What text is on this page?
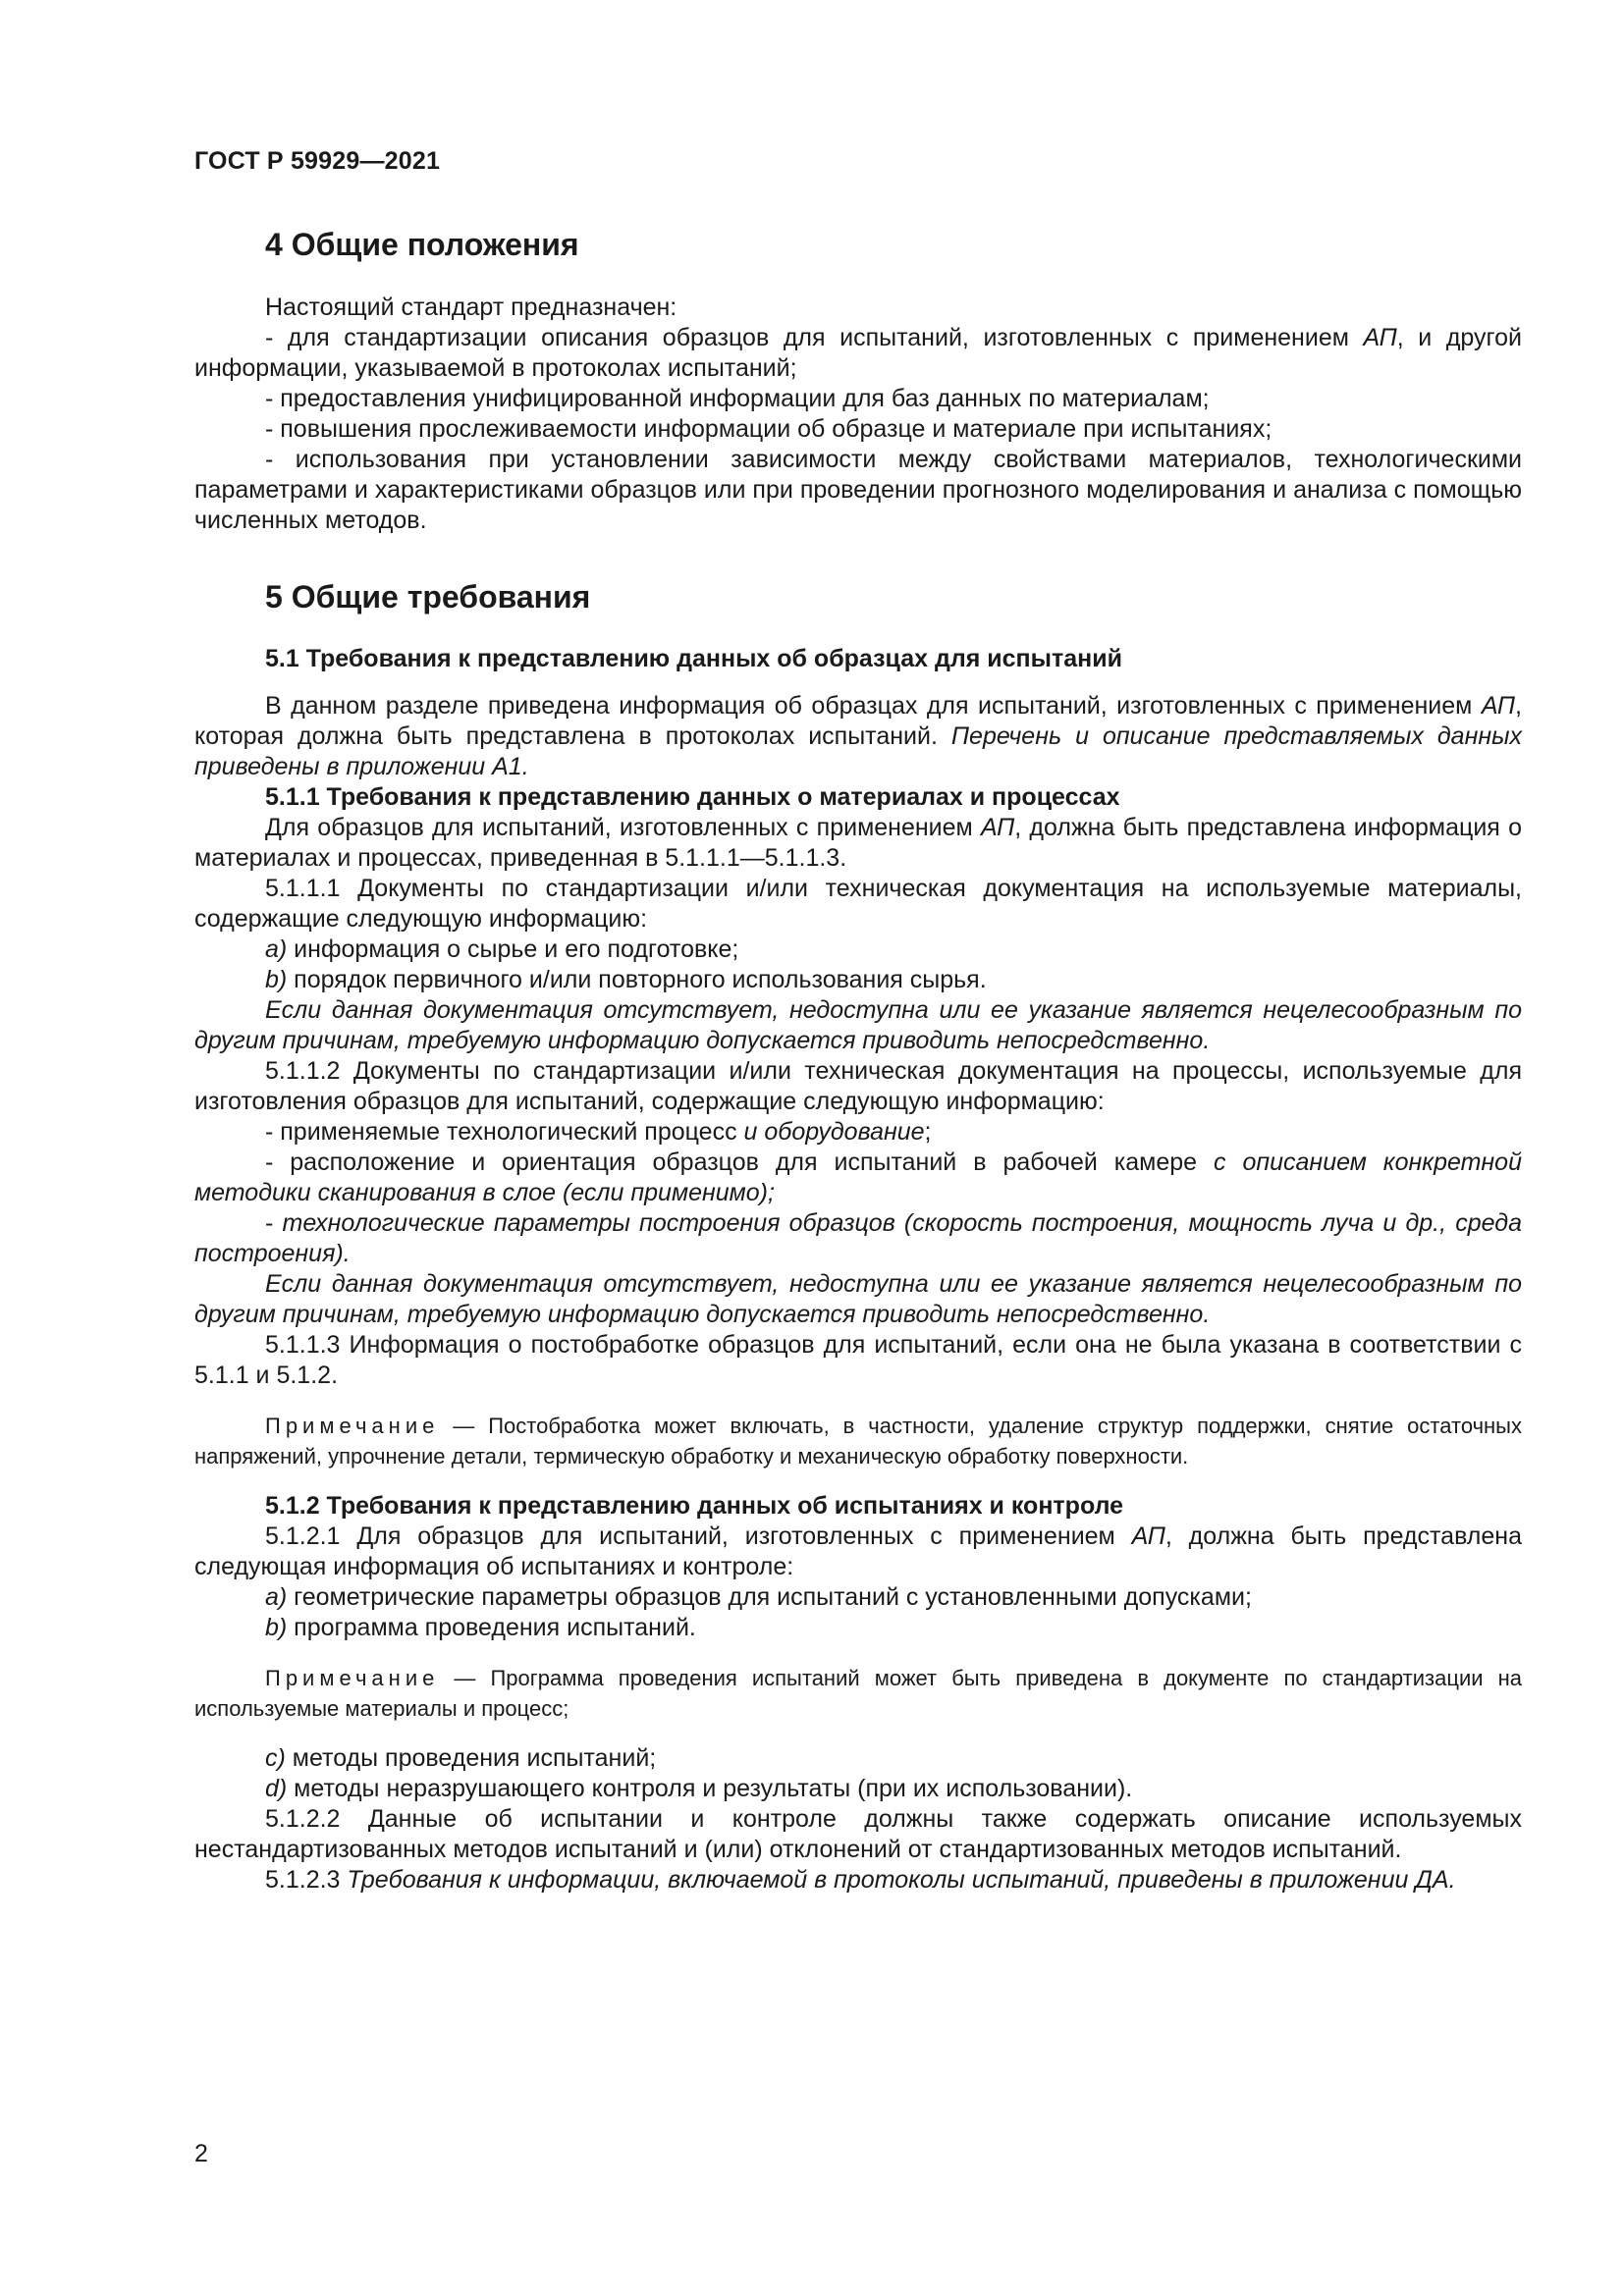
ГОСТ Р 59929—2021
4 Общие положения

Настоящий стандарт предназначен:

- для стандартизации описания образцов для испытаний, изготовленных с применением АП, и другой информации, указываемой в протоколах испытаний;

- предоставления унифицированной информации для баз данных по материалам;

- повышения прослеживаемости информации об образце и материале при испытаниях;

- использования при установлении зависимости между свойствами материалов, технологическими параметрами и характеристиками образцов или при проведении прогнозного моделирования и анализа с помощью численных методов.

5 Общие требования
5.1 Требования к представлению данных об образцах для испытаний

В данном разделе приведена информация об образцах для испытаний, изготовленных с применением АП, которая должна быть представлена в протоколах испытаний. Перечень и описание представляемых данных приведены в приложении А1.

5.1.1 Требования к представлению данных о материалах и процессах

Для образцов для испытаний, изготовленных с применением АП, должна быть представлена информация о материалах и процессах, приведенная в 5.1.1.1—5.1.1.3.

5.1.1.1 Документы по стандартизации и/или техническая документация на используемые материалы, содержащие следующую информацию:

a) информация о сырье и его подготовке;

b) порядок первичного и/или повторного использования сырья.

Если данная документация отсутствует, недоступна или ее указание является нецелесообразным по другим причинам, требуемую информацию допускается приводить непосредственно.

5.1.1.2 Документы по стандартизации и/или техническая документация на процессы, используемые для изготовления образцов для испытаний, содержащие следующую информацию:

- применяемые технологический процесс и оборудование;

- расположение и ориентация образцов для испытаний в рабочей камере с описанием конкретной методики сканирования в слое (если применимо);

- технологические параметры построения образцов (скорость построения, мощность луча и др., среда построения).

Если данная документация отсутствует, недоступна или ее указание является нецелесообразным по другим причинам, требуемую информацию допускается приводить непосредственно.

5.1.1.3 Информация о постобработке образцов для испытаний, если она не была указана в соответствии с 5.1.1 и 5.1.2.

Примечание — Постобработка может включать, в частности, удаление структур поддержки, снятие остаточных напряжений, упрочнение детали, термическую обработку и механическую обработку поверхности.

5.1.2 Требования к представлению данных об испытаниях и контроле

5.1.2.1 Для образцов для испытаний, изготовленных с применением АП, должна быть представлена следующая информация об испытаниях и контроле:

a) геометрические параметры образцов для испытаний с установленными допусками;

b) программа проведения испытаний.

Примечание — Программа проведения испытаний может быть приведена в документе по стандартизации на используемые материалы и процесс;

c) методы проведения испытаний;

d) методы неразрушающего контроля и результаты (при их использовании).

5.1.2.2 Данные об испытании и контроле должны также содержать описание используемых нестандартизованных методов испытаний и (или) отклонений от стандартизованных методов испытаний.

5.1.2.3 Требования к информации, включаемой в протоколы испытаний, приведены в приложении ДА.

2
